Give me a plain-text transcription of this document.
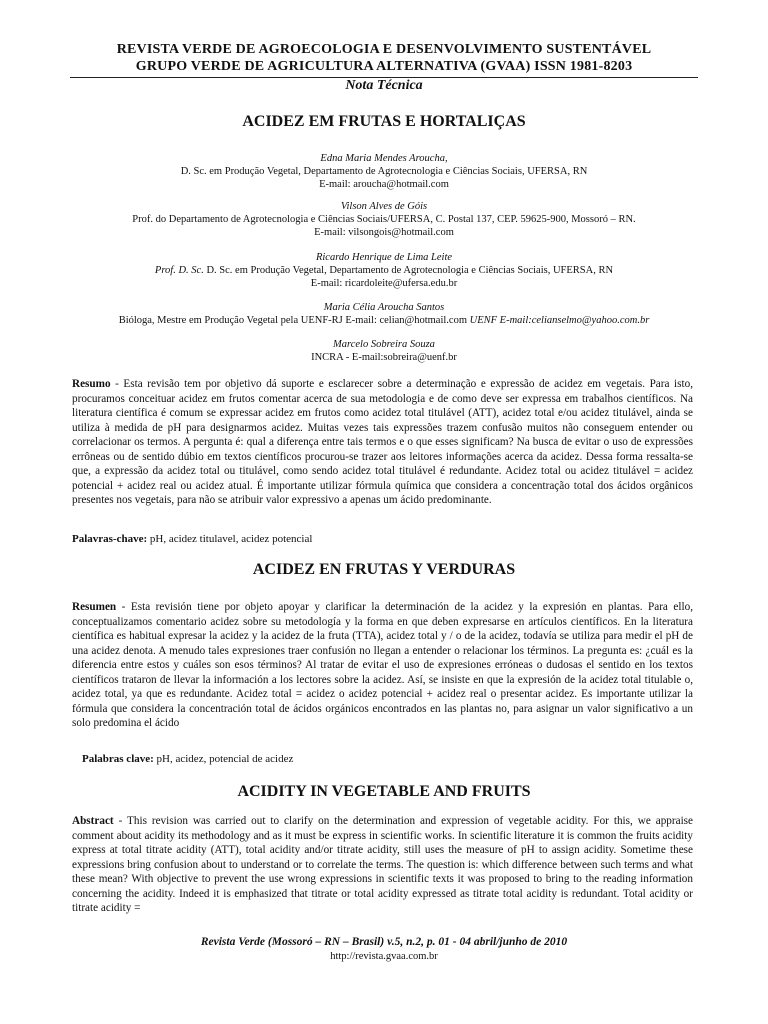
REVISTA VERDE DE AGROECOLOGIA E DESENVOLVIMENTO SUSTENTÁVEL
GRUPO VERDE DE AGRICULTURA ALTERNATIVA (GVAA) ISSN 1981-8203
Nota Técnica
ACIDEZ EM FRUTAS E HORTALIÇAS
Edna Maria Mendes Aroucha,
D. Sc. em Produção Vegetal, Departamento de Agrotecnologia e Ciências Sociais, UFERSA, RN
E-mail: aroucha@hotmail.com
Vilson Alves de Góis
Prof. do Departamento de Agrotecnologia e Ciências Sociais/UFERSA, C. Postal 137, CEP. 59625-900, Mossoró – RN.
E-mail: vilsongois@hotmail.com
Ricardo Henrique de Lima Leite
Prof. D. Sc. D. Sc. em Produção Vegetal, Departamento de Agrotecnologia e Ciências Sociais, UFERSA, RN
E-mail: ricardoleite@ufersa.edu.br
Maria Célia Aroucha Santos
Bióloga, Mestre em Produção Vegetal pela UENF-RJ E-mail: celian@hotmail.com UENF E-mail:celianselmo@yahoo.com.br
Marcelo Sobreira Souza
INCRA - E-mail:sobreira@uenf.br
Resumo - Esta revisão tem por objetivo dá suporte e esclarecer sobre a determinação e expressão de acidez em vegetais. Para isto, procuramos conceituar acidez em frutos comentar acerca de sua metodologia e de como deve ser expressa em trabalhos científicos. Na literatura científica é comum se expressar acidez em frutos como acidez total titulável (ATT), acidez total e/ou acidez titulável, ainda se utiliza à medida de pH para designarmos acidez. Muitas vezes tais expressões trazem confusão muitos não conseguem entender ou correlacionar os termos. A pergunta é: qual a diferença entre tais termos e o que esses significam? Na busca de evitar o uso de expressões errôneas ou de sentido dúbio em textos científicos procurou-se trazer aos leitores informações acerca da acidez. Dessa forma ressalta-se que, a expressão da acidez total ou titulável, como sendo acidez total titulável é redundante. Acidez total ou acidez titulável = acidez potencial + acidez real ou acidez atual. É importante utilizar fórmula química que considera a concentração total dos ácidos orgânicos presentes nos vegetais, para não se atribuir valor expressivo a apenas um ácido predominante.
Palavras-chave: pH, acidez titulavel, acidez potencial
ACIDEZ EN FRUTAS Y VERDURAS
Resumen - Esta revisión tiene por objeto apoyar y clarificar la determinación de la acidez y la expresión en plantas. Para ello, conceptualizamos comentario acidez sobre su metodología y la forma en que deben expresarse en artículos científicos. En la literatura científica es habitual expresar la acidez y la acidez de la fruta (TTA), acidez total y / o de la acidez, todavía se utiliza para medir el pH de una acidez denota. A menudo tales expresiones traer confusión no llegan a entender o relacionar los términos. La pregunta es: ¿cuál es la diferencia entre estos y cuáles son esos términos? Al tratar de evitar el uso de expresiones erróneas o dudosas el sentido en los textos científicos trataron de llevar la información a los lectores sobre la acidez. Así, se insiste en que la expresión de la acidez total titulable o, acidez total, ya que es redundante. Acidez total = acidez o acidez potencial + acidez real o presentar acidez. Es importante utilizar la fórmula que considera la concentración total de ácidos orgánicos encontrados en las plantas no, para asignar un valor significativo a un solo predomina el ácido
Palabras clave: pH, acidez, potencial de acidez
ACIDITY IN VEGETABLE AND FRUITS
Abstract - This revision was carried out to clarify on the determination and expression of vegetable acidity. For this, we appraise comment about acidity its methodology and as it must be express in scientific works. In scientific literature it is common the fruits acidity express at total titrate acidity (ATT), total acidity and/or titrate acidity, still uses the measure of pH to assign acidity. Sometime these expressions bring confusion about to understand or to correlate the terms. The question is: which difference between such terms and what these mean? With objective to prevent the use wrong expressions in scientific texts it was proposed to bring to the reading information concerning the acidity. Indeed it is emphasized that titrate or total acidity expressed as titrate total acidity is redundant. Total acidity or titrate acidity =
Revista Verde (Mossoró – RN – Brasil) v.5, n.2, p. 01 - 04 abril/junho de 2010
http://revista.gvaa.com.br
